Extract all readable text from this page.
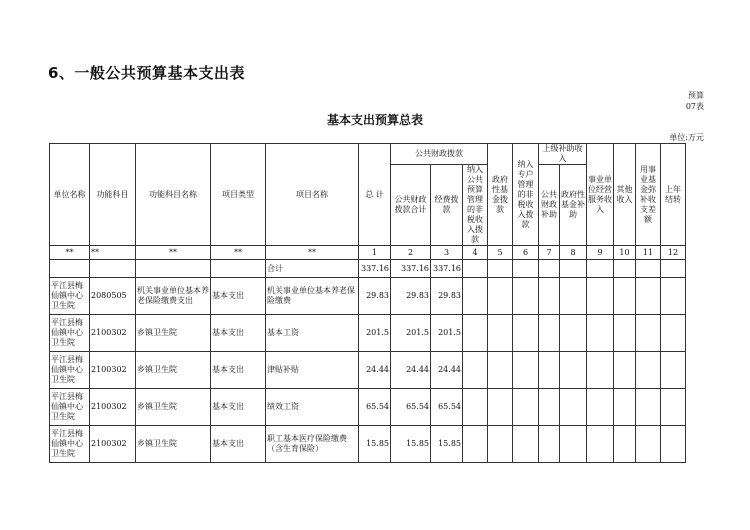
6、一般公共预算基本支出表
预算
07表
基本支出预算总表
单位:万元
单位名称	功能科目	功能科目名称	项目类型	项目名称	总 计	公共财政拨款			政府性基金拨款	纳入专户管理的非税收入拨款	上级补助收入		事业单位经营服务收入	其他收入	用事业基金弥补收支差额	上年结转
						公共财政拨款合计	经费拨款	纳入公共预算管理的非税收入拨款			公共财政补助	政府性基金补助				
**	**	**	**	**	1	2	3	4	5	6	7	8	9	10	11	12
				合计	337.16	337.16	337.16									
平江县梅仙镇中心卫生院	2080505	机关事业单位基本养老保险缴费支出	基本支出	机关事业单位基本养老保险缴费	29.83	29.83	29.83									
平江县梅仙镇中心卫生院	2100302	乡镇卫生院	基本支出	基本工资	201.5	201.5	201.5									
平江县梅仙镇中心卫生院	2100302	乡镇卫生院	基本支出	津贴补贴	24.44	24.44	24.44									
平江县梅仙镇中心卫生院	2100302	乡镇卫生院	基本支出	绩效工资	65.54	65.54	65.54									
平江县梅仙镇中心卫生院	2100302	乡镇卫生院	基本支出	职工基本医疗保险缴费（含生育保险）	15.85	15.85	15.85									
